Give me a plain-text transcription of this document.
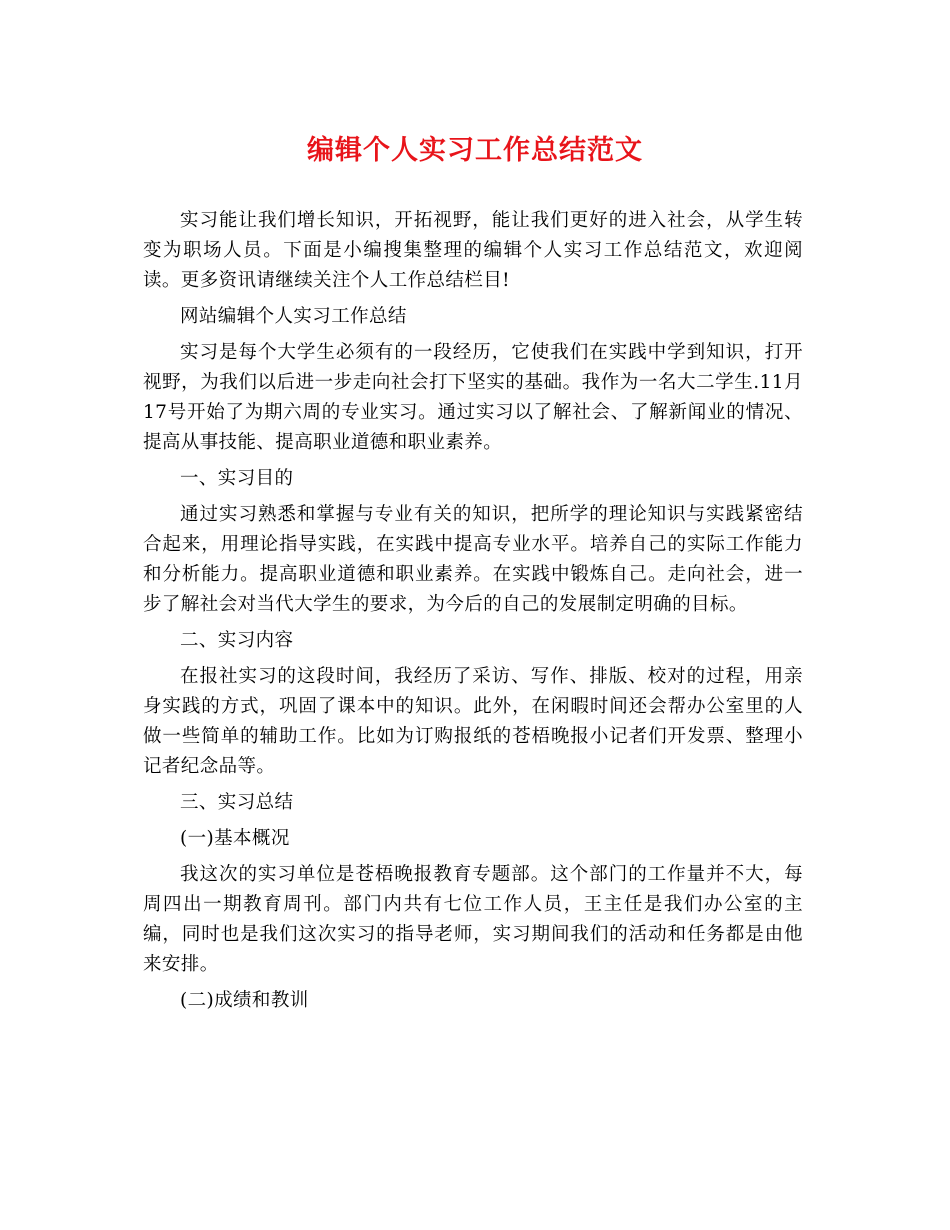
编辑个人实习工作总结范文

实习能让我们增长知识，开拓视野，能让我们更好的进入社会，从学生转变为职场人员。下面是小编搜集整理的编辑个人实习工作总结范文，欢迎阅读。更多资讯请继续关注个人工作总结栏目!

网站编辑个人实习工作总结

实习是每个大学生必须有的一段经历，它使我们在实践中学到知识，打开视野，为我们以后进一步走向社会打下坚实的基础。我作为一名大二学生.11月17号开始了为期六周的专业实习。通过实习以了解社会、了解新闻业的情况、提高从事技能、提高职业道德和职业素养。

一、实习目的

通过实习熟悉和掌握与专业有关的知识，把所学的理论知识与实践紧密结合起来，用理论指导实践，在实践中提高专业水平。培养自己的实际工作能力和分析能力。提高职业道德和职业素养。在实践中锻炼自己。走向社会，进一步了解社会对当代大学生的要求，为今后的自己的发展制定明确的目标。

二、实习内容

在报社实习的这段时间，我经历了采访、写作、排版、校对的过程，用亲身实践的方式，巩固了课本中的知识。此外，在闲暇时间还会帮办公室里的人做一些简单的辅助工作。比如为订购报纸的苍梧晚报小记者们开发票、整理小记者纪念品等。

三、实习总结

(一)基本概况

我这次的实习单位是苍梧晚报教育专题部。这个部门的工作量并不大，每周四出一期教育周刊。部门内共有七位工作人员，王主任是我们办公室的主编，同时也是我们这次实习的指导老师，实习期间我们的活动和任务都是由他来安排。

(二)成绩和教训
